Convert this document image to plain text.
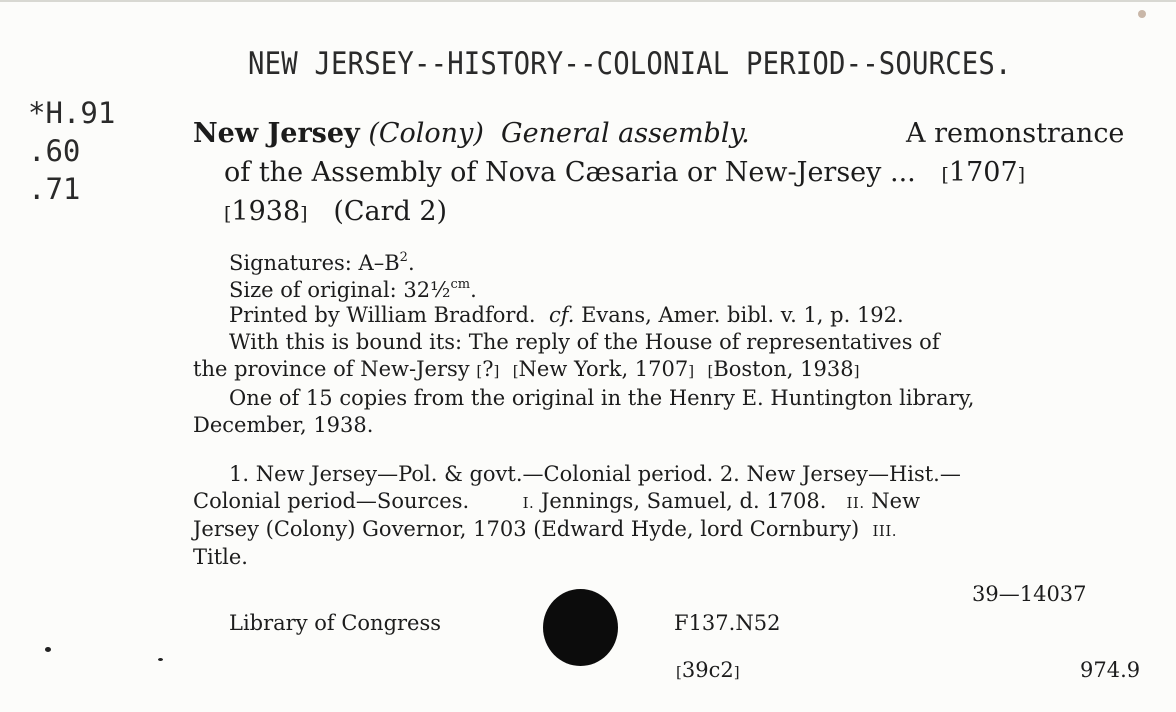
NEW JERSEY--HISTORY--COLONIAL PERIOD--SOURCES.
*H.91
.60
.71
New Jersey (Colony) General assembly.	A remonstrance
of the Assembly of Nova Cæsaria or New-Jersey ... [1707]
[1938] (Card 2)
Signatures: $A-B^2$.
Size of original: 32½$^{cm}$.
Printed by William Bradford. cf. Evans, Amer. bibl. v. 1, p. 192.
With this is bound its: The reply of the House of representatives of
the province of New-Jersy [?] [New York, 1707] [Boston, 1938]
One of 15 copies from the original in the Henry E. Huntington library,
December, 1938.
1. New Jersey—Pol. & govt.—Colonial period. 2. New Jersey—Hist.—
Colonial period—Sources.	I. Jennings, Samuel, d. 1708. II. New
Jersey (Colony) Governor, 1703 (Edward Hyde, lord Cornbury) III.
Title.
39—14037
Library of Congress	F137.N52
[39c2]	974.9
